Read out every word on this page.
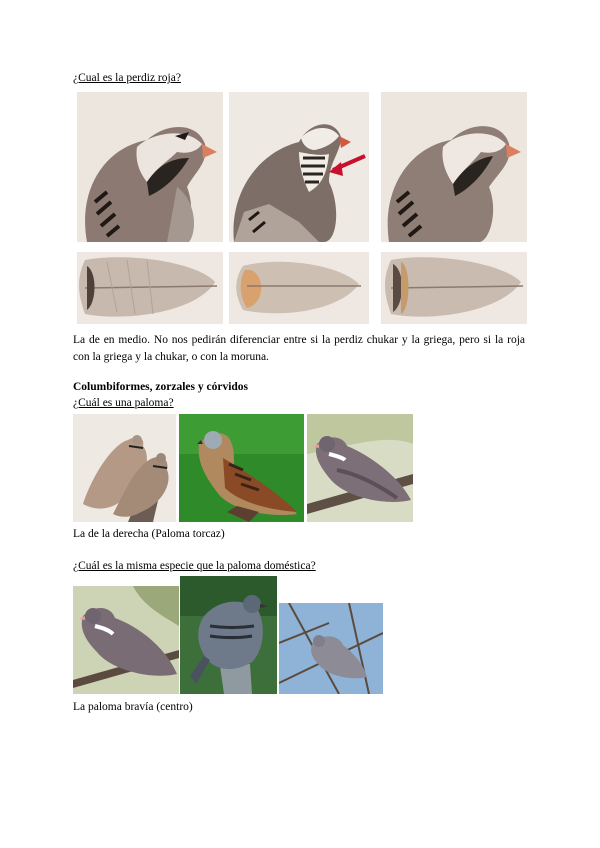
¿Cual es la perdiz roja?
La de en medio. No nos pedirán diferenciar entre si la perdiz chukar y la griega, pero si la roja con la griega y la chukar, o con la moruna.
Columbiformes, zorzales y córvidos
¿Cuál es una paloma?
La de la derecha (Paloma torcaz)
¿Cuál es la misma especie que la paloma doméstica?
La paloma bravía (centro)
